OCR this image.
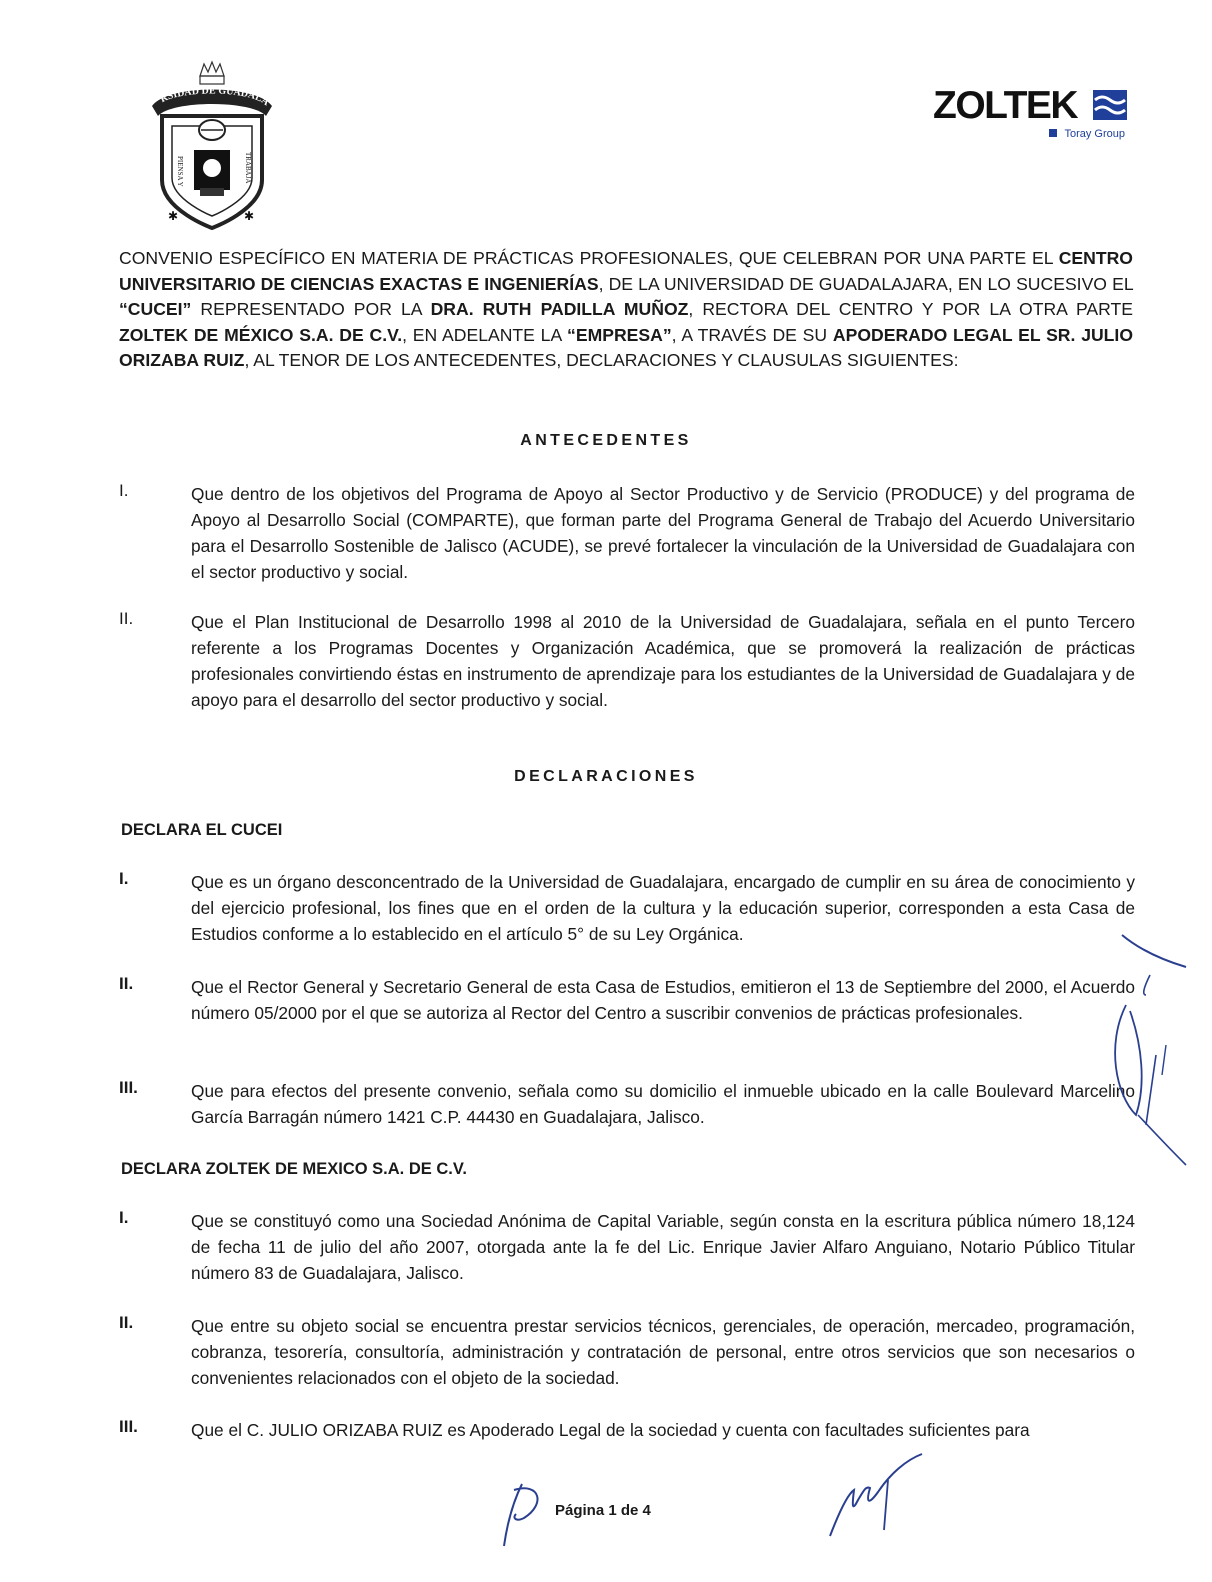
RSIDAD DE GUADALA
PIENSA Y	TRABAJA
✱	✱
ZOLTEK
Toray Group
CONVENIO ESPECÍFICO EN MATERIA DE PRÁCTICAS PROFESIONALES, QUE CELEBRAN POR UNA PARTE EL CENTRO UNIVERSITARIO DE CIENCIAS EXACTAS E INGENIERÍAS, DE LA UNIVERSIDAD DE GUADALAJARA, EN LO SUCESIVO EL “CUCEI” REPRESENTADO POR LA DRA. RUTH PADILLA MUÑOZ, RECTORA DEL CENTRO Y POR LA OTRA PARTE ZOLTEK DE MÉXICO S.A. DE C.V., EN ADELANTE LA “EMPRESA”, A TRAVÉS DE SU APODERADO LEGAL EL SR. JULIO ORIZABA RUIZ, AL TENOR DE LOS ANTECEDENTES, DECLARACIONES Y CLAUSULAS SIGUIENTES:
ANTECEDENTES
I.	Que dentro de los objetivos del Programa de Apoyo al Sector Productivo y de Servicio (PRODUCE) y del programa de Apoyo al Desarrollo Social (COMPARTE), que forman parte del Programa General de Trabajo del Acuerdo Universitario para el Desarrollo Sostenible de Jalisco (ACUDE), se prevé fortalecer la vinculación de la Universidad de Guadalajara con el sector productivo y social.
II.	Que el Plan Institucional de Desarrollo 1998 al 2010 de la Universidad de Guadalajara, señala en el punto Tercero referente a los Programas Docentes y Organización Académica, que se promoverá la realización de prácticas profesionales convirtiendo éstas en instrumento de aprendizaje para los estudiantes de la Universidad de Guadalajara y de apoyo para el desarrollo del sector productivo y social.
DECLARACIONES
DECLARA EL CUCEI
I.	Que es un órgano desconcentrado de la Universidad de Guadalajara, encargado de cumplir en su área de conocimiento y del ejercicio profesional, los fines que en el orden de la cultura y la educación superior, corresponden a esta Casa de Estudios conforme a lo establecido en el artículo 5° de su Ley Orgánica.
II.	Que el Rector General y Secretario General de esta Casa de Estudios, emitieron el 13 de Septiembre del 2000, el Acuerdo número 05/2000 por el que se autoriza al Rector del Centro a suscribir convenios de prácticas profesionales.
III.	Que para efectos del presente convenio, señala como su domicilio el inmueble ubicado en la calle Boulevard Marcelino García Barragán número 1421 C.P. 44430 en Guadalajara, Jalisco.
DECLARA ZOLTEK DE MEXICO S.A. DE C.V.
I.	Que se constituyó como una Sociedad Anónima de Capital Variable, según consta en la escritura pública número 18,124 de fecha 11 de julio del año 2007, otorgada ante la fe del Lic. Enrique Javier Alfaro Anguiano, Notario Público Titular número 83 de Guadalajara, Jalisco.
II.	Que entre su objeto social se encuentra prestar servicios técnicos, gerenciales, de operación, mercadeo, programación, cobranza, tesorería, consultoría, administración y contratación de personal, entre otros servicios que son necesarios o convenientes relacionados con el objeto de la sociedad.
III.	Que el C. JULIO ORIZABA RUIZ es Apoderado Legal de la sociedad y cuenta con facultades suficientes para
Página 1 de 4
